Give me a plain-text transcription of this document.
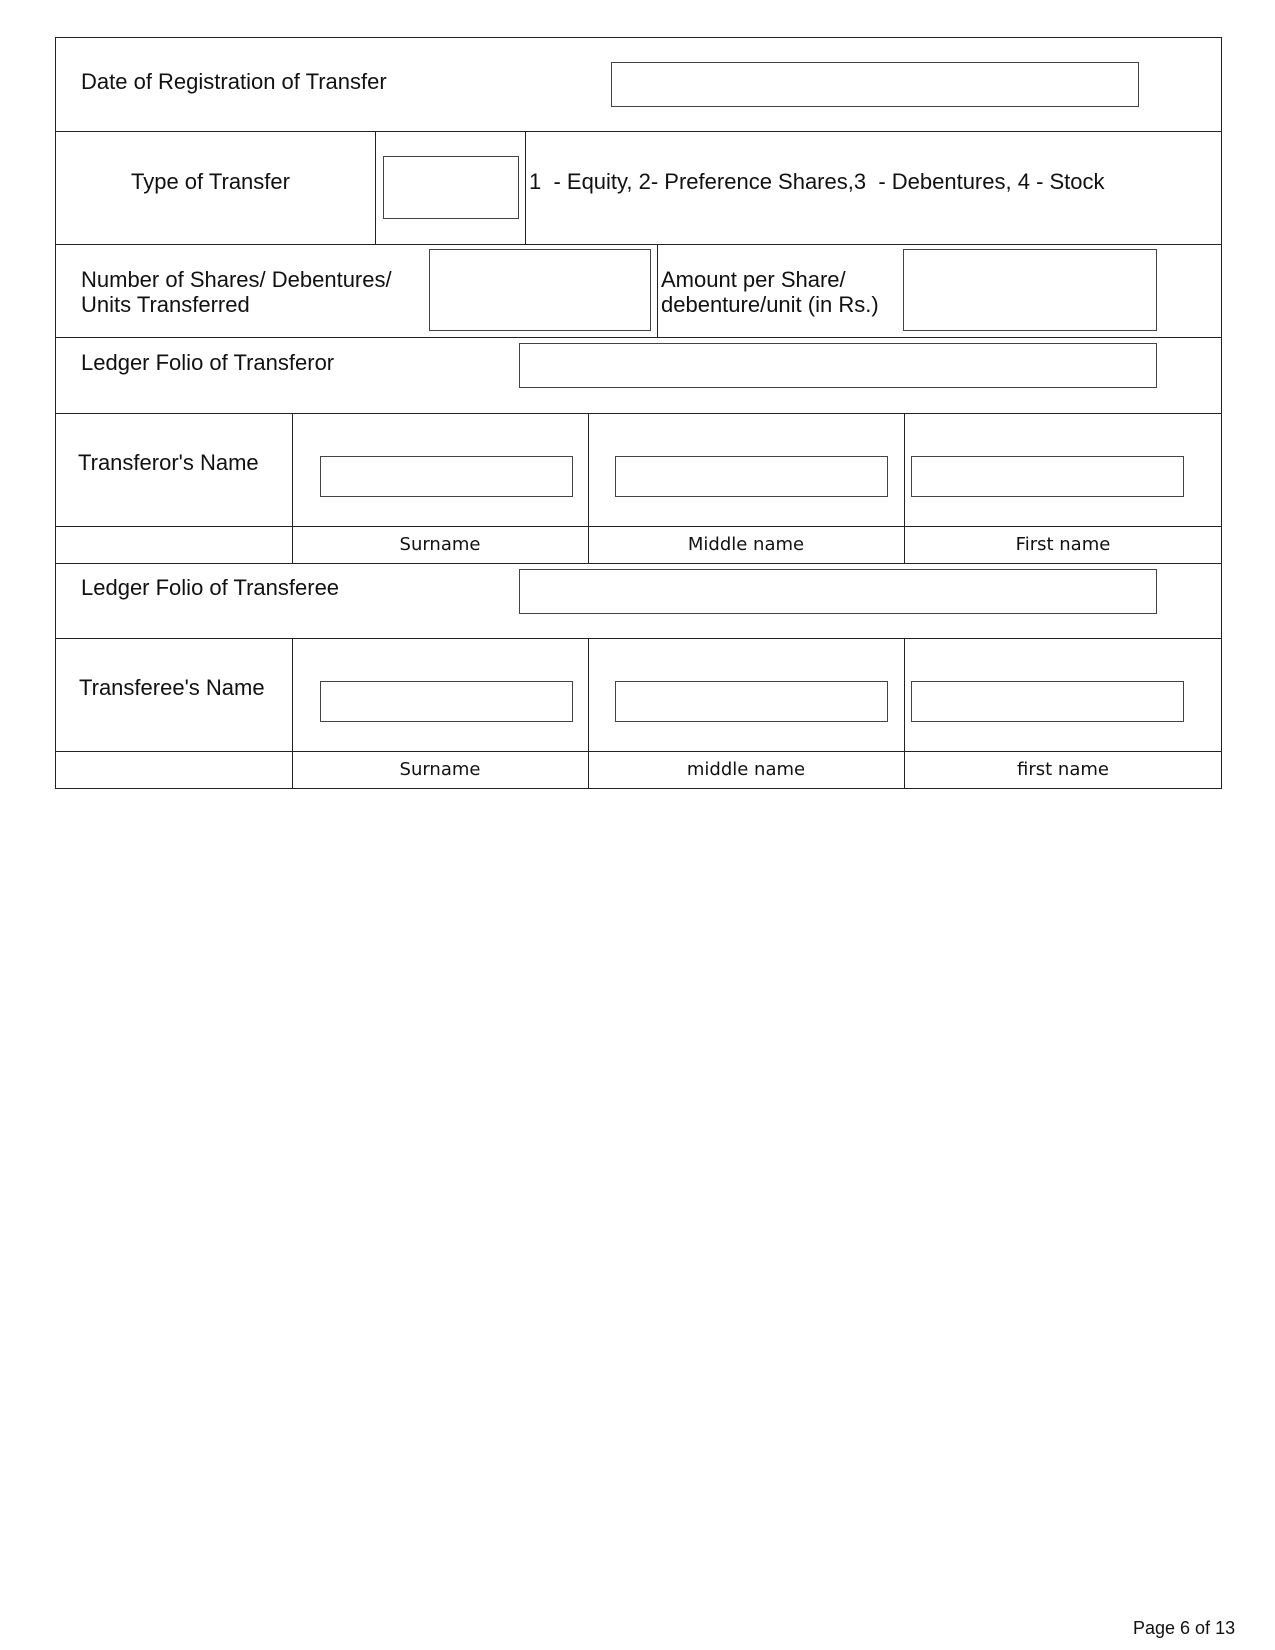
Date of Registration of Transfer
Type of Transfer	1  - Equity, 2- Preference Shares,3  - Debentures, 4 - Stock
Number of Shares/ Debentures/
Units Transferred
Amount per Share/
debenture/unit (in Rs.)
Ledger Folio of Transferor
Transferor's Name
Surname	Middle name	First name
Ledger Folio of Transferee
Transferee's Name
Surname	middle name	first name
Page 6 of 13
